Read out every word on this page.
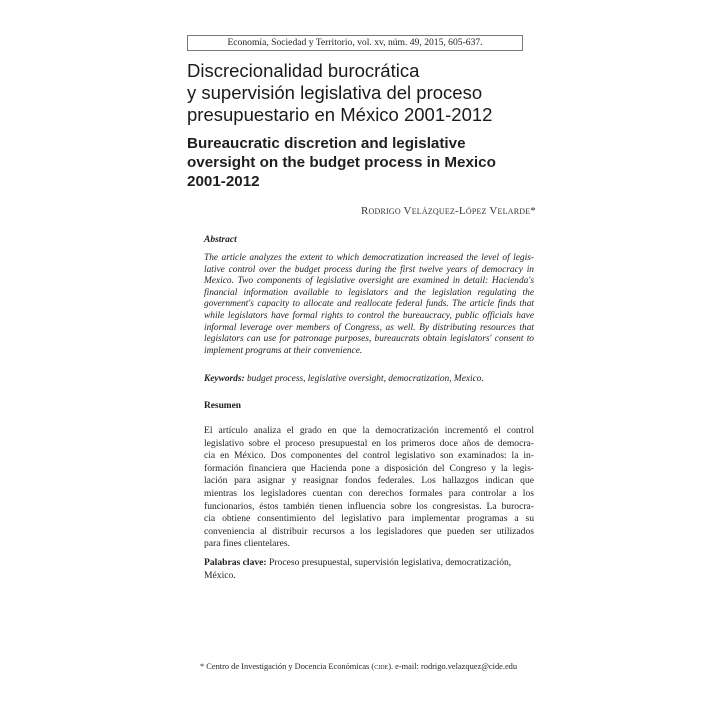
Economía, Sociedad y Territorio, vol. xv, núm. 49, 2015, 605-637.
Discrecionalidad burocrática
y supervisión legislativa del proceso
presupuestario en México 2001-2012
Bureaucratic discretion and legislative
oversight on the budget process in Mexico
2001-2012
Rodrigo Velázquez-López Velarde*
Abstract
The article analyzes the extent to which democratization increased the level of legis-
lative control over the budget process during the first twelve years of democracy in
Mexico. Two components of legislative oversight are examined in detail: Hacienda's
financial information available to legislators and the legislation regulating the
government's capacity to allocate and reallocate federal funds. The article finds that
while legislators have formal rights to control the bureaucracy, public officials have
informal leverage over members of Congress, as well. By distributing resources that
legislators can use for patronage purposes, bureaucrats obtain legislators' consent to
implement programs at their convenience.
Keywords: budget process, legislative oversight, democratization, Mexico.
Resumen
El artículo analiza el grado en que la democratización incrementó el control
legislativo sobre el proceso presupuestal en los primeros doce años de democra-
cia en México. Dos componentes del control legislativo son examinados: la in-
formación financiera que Hacienda pone a disposición del Congreso y la legis-
lación para asignar y reasignar fondos federales. Los hallazgos indican que
mientras los legisladores cuentan con derechos formales para controlar a los
funcionarios, éstos también tienen influencia sobre los congresistas. La burocra-
cia obtiene consentimiento del legislativo para implementar programas a su
conveniencia al distribuir recursos a los legisladores que pueden ser utilizados
para fines clientelares.
Palabras clave: Proceso presupuestal, supervisión legislativa, democratización,
México.
* Centro de Investigación y Docencia Económicas (cide). e-mail: rodrigo.velazquez@cide.edu
